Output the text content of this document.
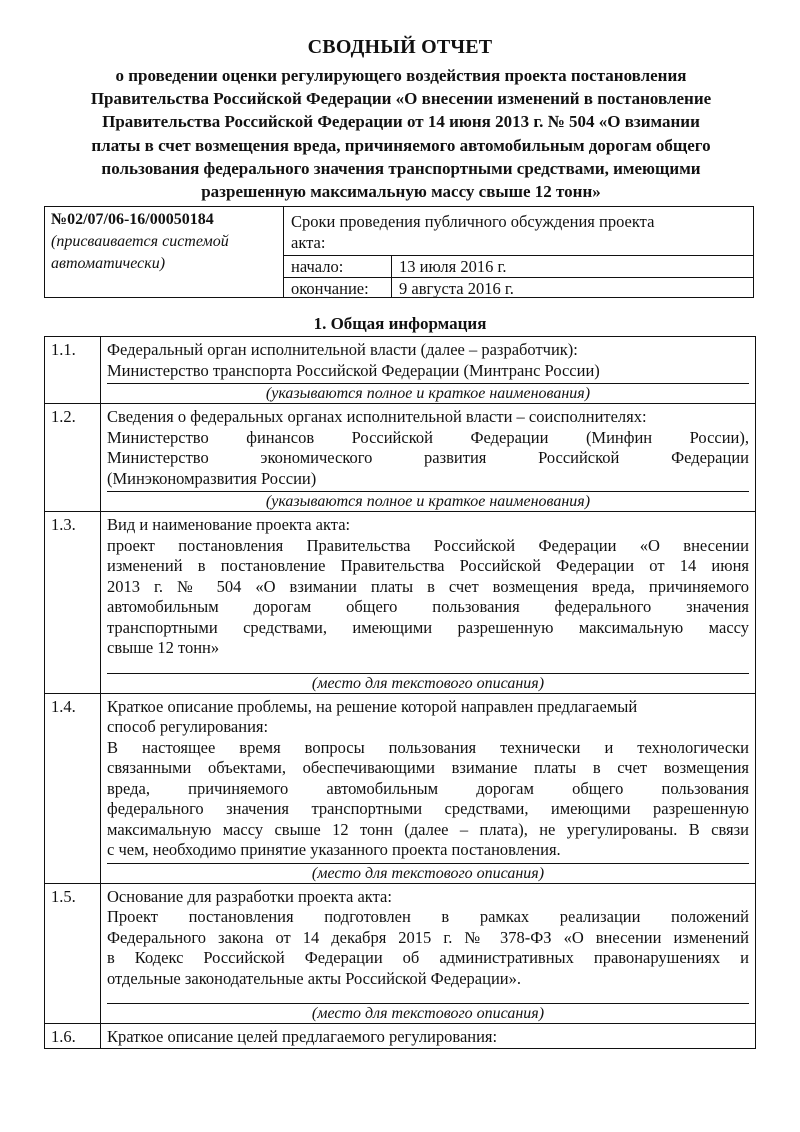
СВОДНЫЙ ОТЧЕТ
о проведении оценки регулирующего воздействия проекта постановления
Правительства Российской Федерации «О внесении изменений в постановление
Правительства Российской Федерации от 14 июня 2013 г. № 504 «О взимании
платы в счет возмещения вреда, причиняемого автомобильным дорогам общего
пользования федерального значения транспортными средствами, имеющими
разрешенную максимальную массу свыше 12 тонн»
№02/07/06-16/00050184
(присваивается системой
автоматически)
Сроки проведения публичного обсуждения проекта
акта:
начало:	13 июля 2016 г.
окончание: 9 августа 2016 г.
1. Общая информация
1.1.	Федеральный орган исполнительной власти (далее – разработчик):
Министерство транспорта Российской Федерации (Минтранс России)
(указываются полное и краткое наименования)
1.2.	Сведения о федеральных органах исполнительной власти – соисполнителях:
Министерство финансов Российской Федерации (Минфин России),
Министерство экономического развития Российской Федерации
(Минэкономразвития России)
(указываются полное и краткое наименования)
1.3.	Вид и наименование проекта акта:
проект постановления Правительства Российской Федерации «О внесении
изменений в постановление Правительства Российской Федерации от 14 июня
2013 г. № 504 «О взимании платы в счет возмещения вреда, причиняемого
автомобильным дорогам общего пользования федерального значения
транспортными средствами, имеющими разрешенную максимальную массу
свыше 12 тонн»
(место для текстового описания)
1.4.	Краткое описание проблемы, на решение которой направлен предлагаемый
способ регулирования:
В настоящее время вопросы пользования технически и технологически
связанными объектами, обеспечивающими взимание платы в счет возмещения
вреда, причиняемого автомобильным дорогам общего пользования
федерального значения транспортными средствами, имеющими разрешенную
максимальную массу свыше 12 тонн (далее – плата), не урегулированы. В связи
с чем, необходимо принятие указанного проекта постановления.
(место для текстового описания)
1.5.	Основание для разработки проекта акта:
Проект постановления подготовлен в рамках реализации положений
Федерального закона от 14 декабря 2015 г. № 378-ФЗ «О внесении изменений
в Кодекс Российской Федерации об административных правонарушениях и
отдельные законодательные акты Российской Федерации».
(место для текстового описания)
1.6.	Краткое описание целей предлагаемого регулирования:
